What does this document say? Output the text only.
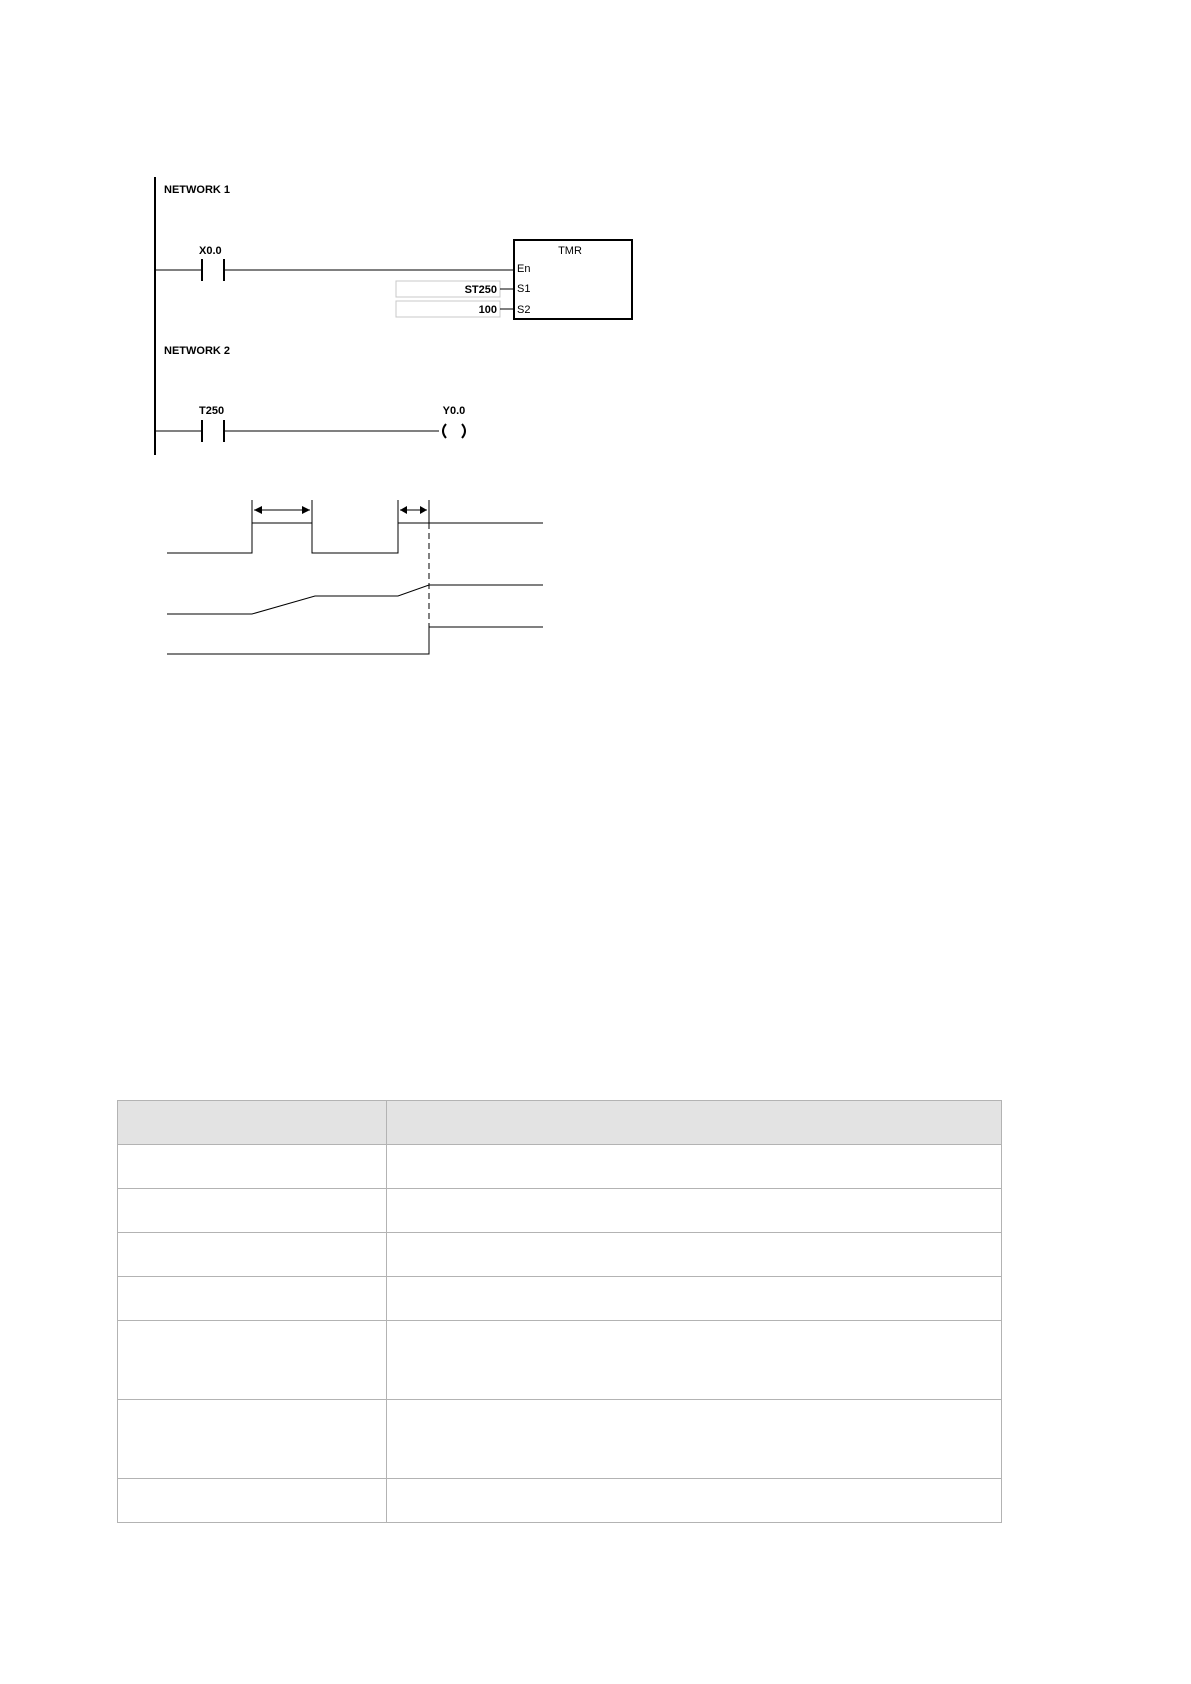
NETWORK 1
X0.0	TMR
En
S1
S2
ST250
100
NETWORK 2
T250	Y0.0
